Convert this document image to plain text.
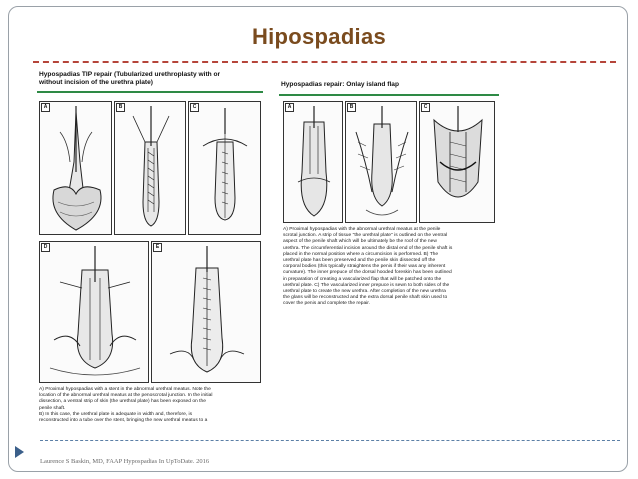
Hipospadias
Hypospadias TIP repair (Tubularized urethroplasty with or
without incision of the urethra plate)
A	B	C
D	E
A) Proximal hypospadias with a stent in the abnormal urethral meatus. Note the
location of the abnormal urethral meatus at the penoscrotal junction. In the initial
dissection, a ventral strip of skin (the urethral plate) has been exposed on the
penile shaft.
B) In this case, the urethral plate is adequate in width and, therefore, is
reconstructed into a tube over the stent, bringing the new urethral meatus to a
Hypospadias repair: Onlay island flap
A	B	C
A) Proximal hypospadias with the abnormal urethral meatus at the penile
scrotal junction. A strip of tissue "the urethral plate" is outlined on the ventral
aspect of the penile shaft which will be ultimately be the roof of the new
urethra. The circumferential incision around the distal end of the penile shaft is
placed in the normal position where a circumcision is performed. B) The
urethral plate has been preserved and the penile skin dissected off the
corporal bodies (this typically straightens the penis if their was any inherent
curvature). The inner prepuce of the dorsal hooded foreskin has been outlined
in preparation of creating a vascularized flap that will be patched onto the
urethral plate. C) The vascularized inner prepuce is sewn to both sides of the
urethral plate to create the new urethra. After completion of the new urethra
the glans will be reconstructed and the extra dorsal penile shaft skin used to
cover the penis and complete the repair.
Laurence S Baskin, MD, FAAP Hypospadias In UpToDate. 2016
